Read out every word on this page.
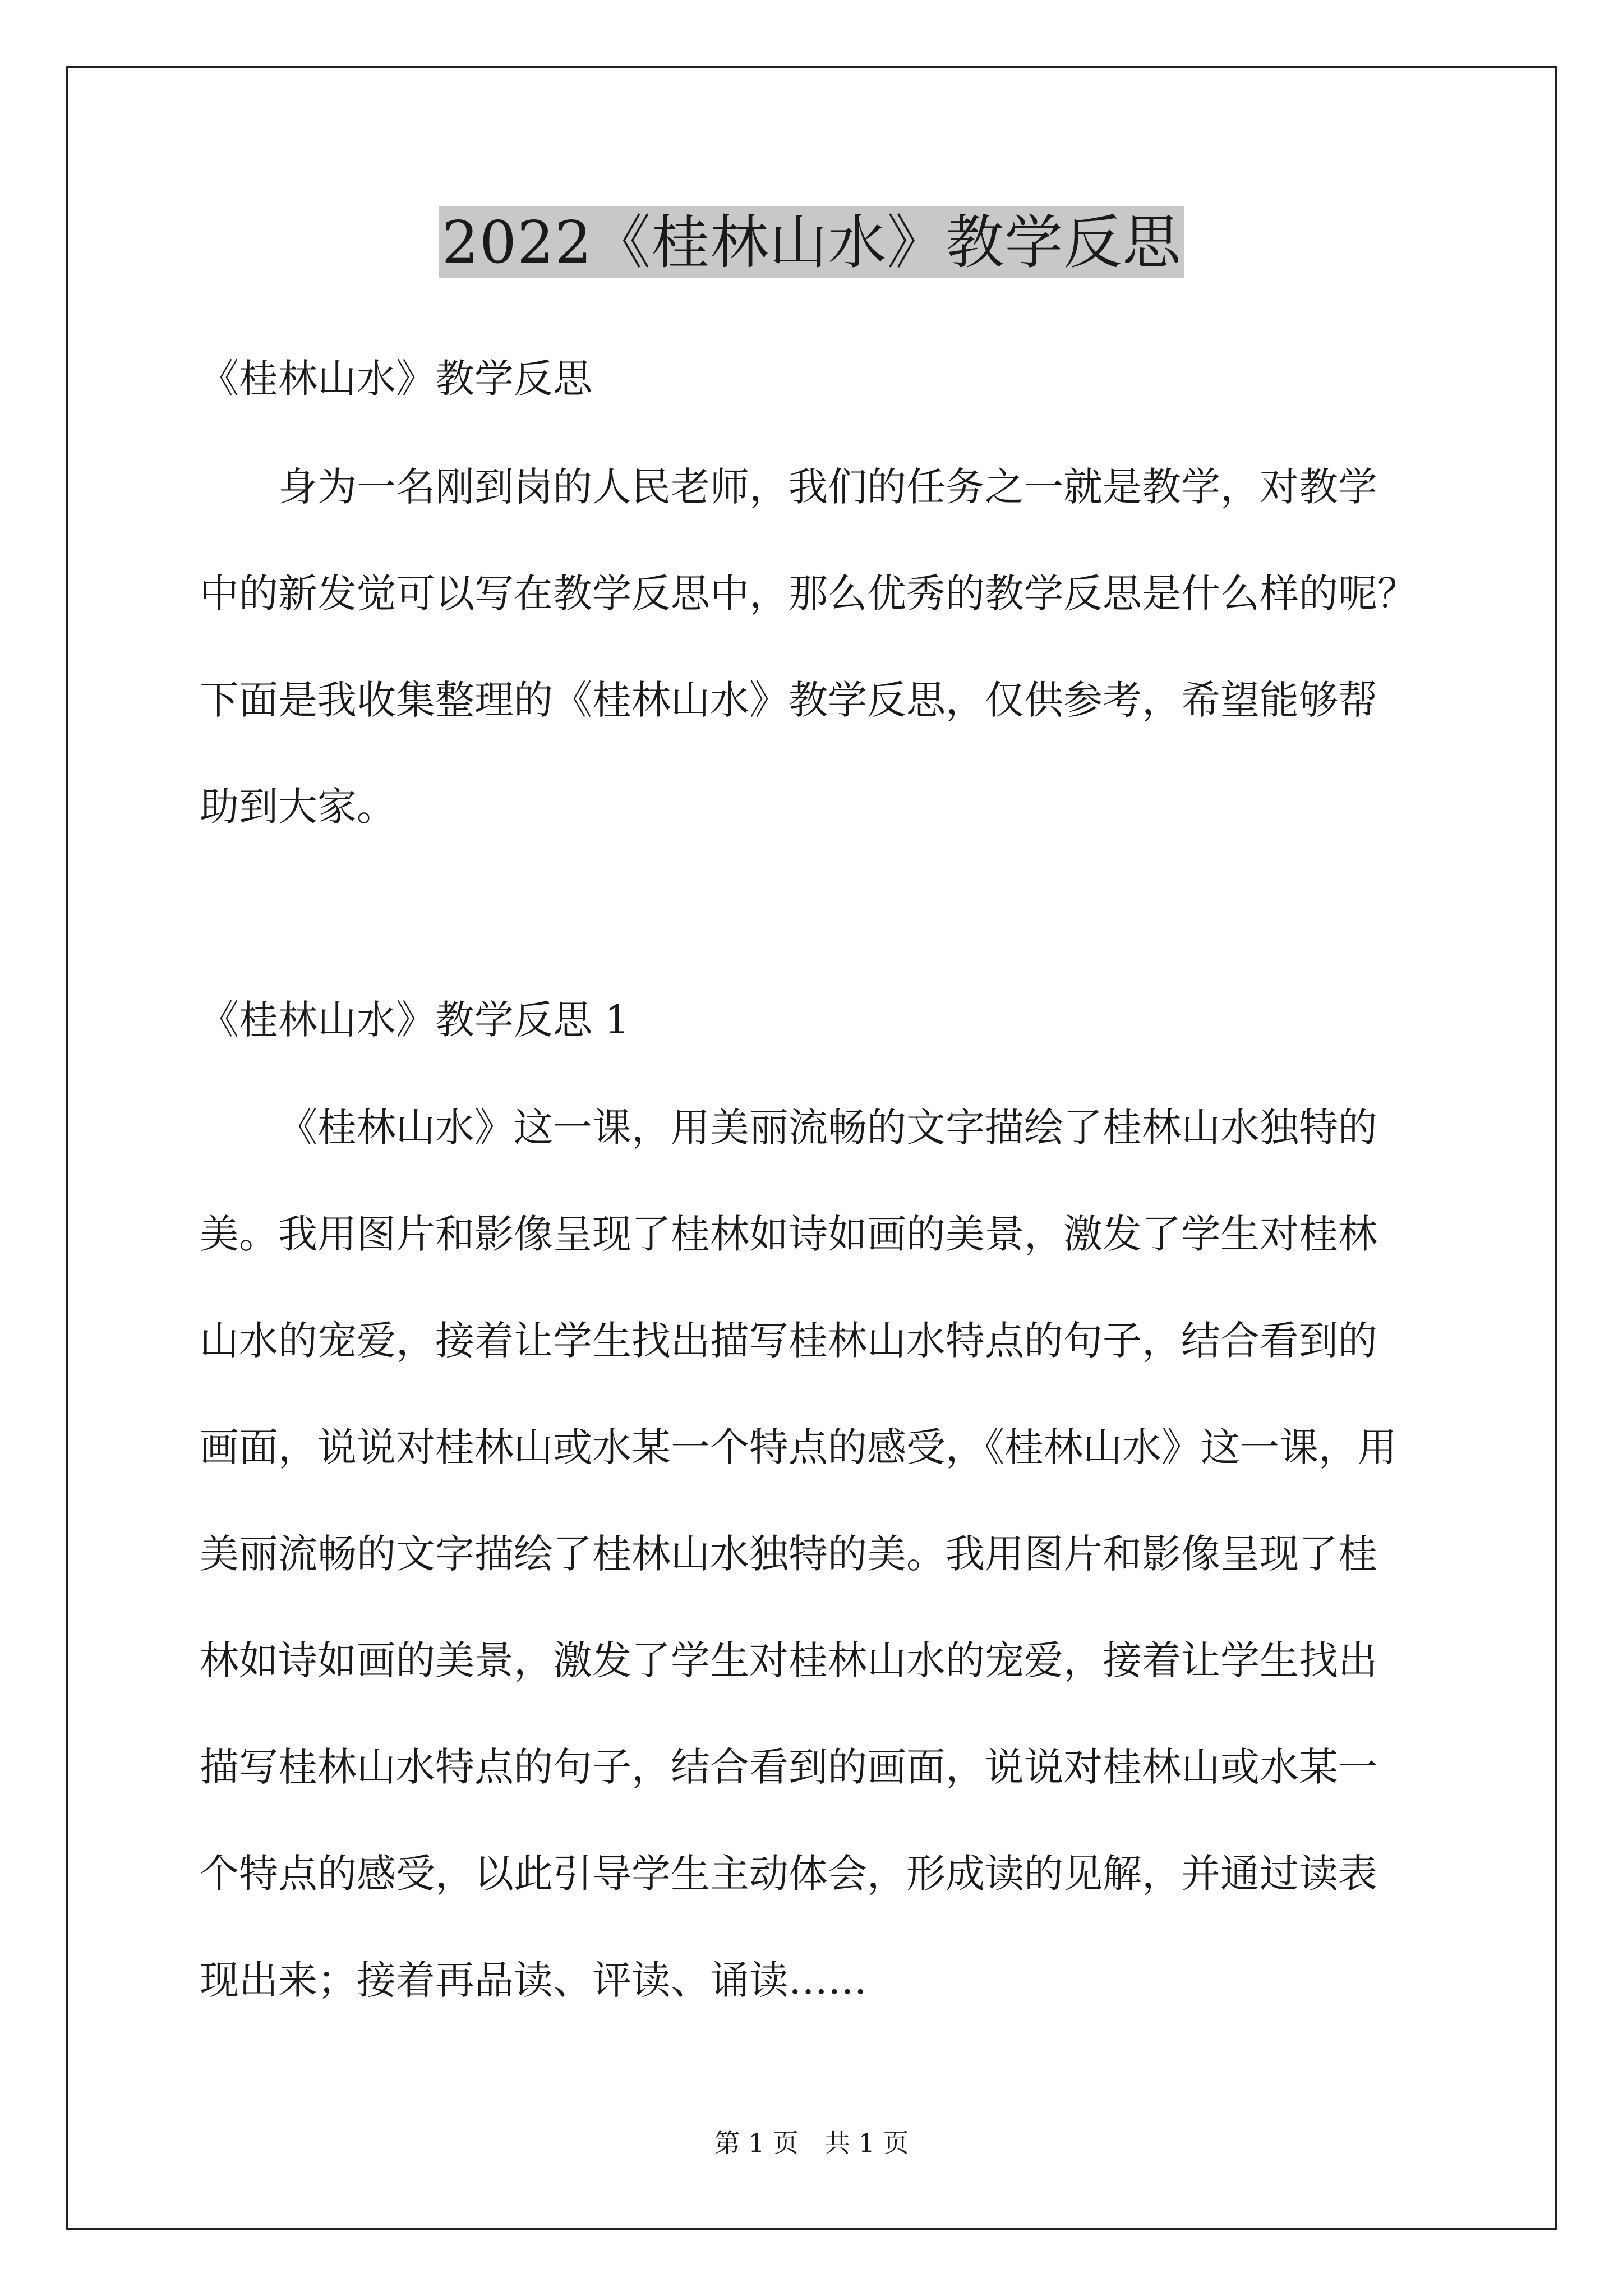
2022《桂林山水》教学反思
《桂林山水》教学反思
身为一名刚到岗的人民老师，我们的任务之一就是教学，对教学
中的新发觉可以写在教学反思中，那么优秀的教学反思是什么样的呢？
下面是我收集整理的《桂林山水》教学反思，仅供参考，希望能够帮
助到大家。
《桂林山水》教学反思 1
《桂林山水》这一课，用美丽流畅的文字描绘了桂林山水独特的
美。我用图片和影像呈现了桂林如诗如画的美景，激发了学生对桂林
山水的宠爱，接着让学生找出描写桂林山水特点的句子，结合看到的
画面，说说对桂林山或水某一个特点的感受，《桂林山水》这一课，用
美丽流畅的文字描绘了桂林山水独特的美。我用图片和影像呈现了桂
林如诗如画的美景，激发了学生对桂林山水的宠爱，接着让学生找出
描写桂林山水特点的句子，结合看到的画面，说说对桂林山或水某一
个特点的感受，以此引导学生主动体会，形成读的见解，并通过读表
现出来；接着再品读、评读、诵读……
第 1 页　共 1 页
